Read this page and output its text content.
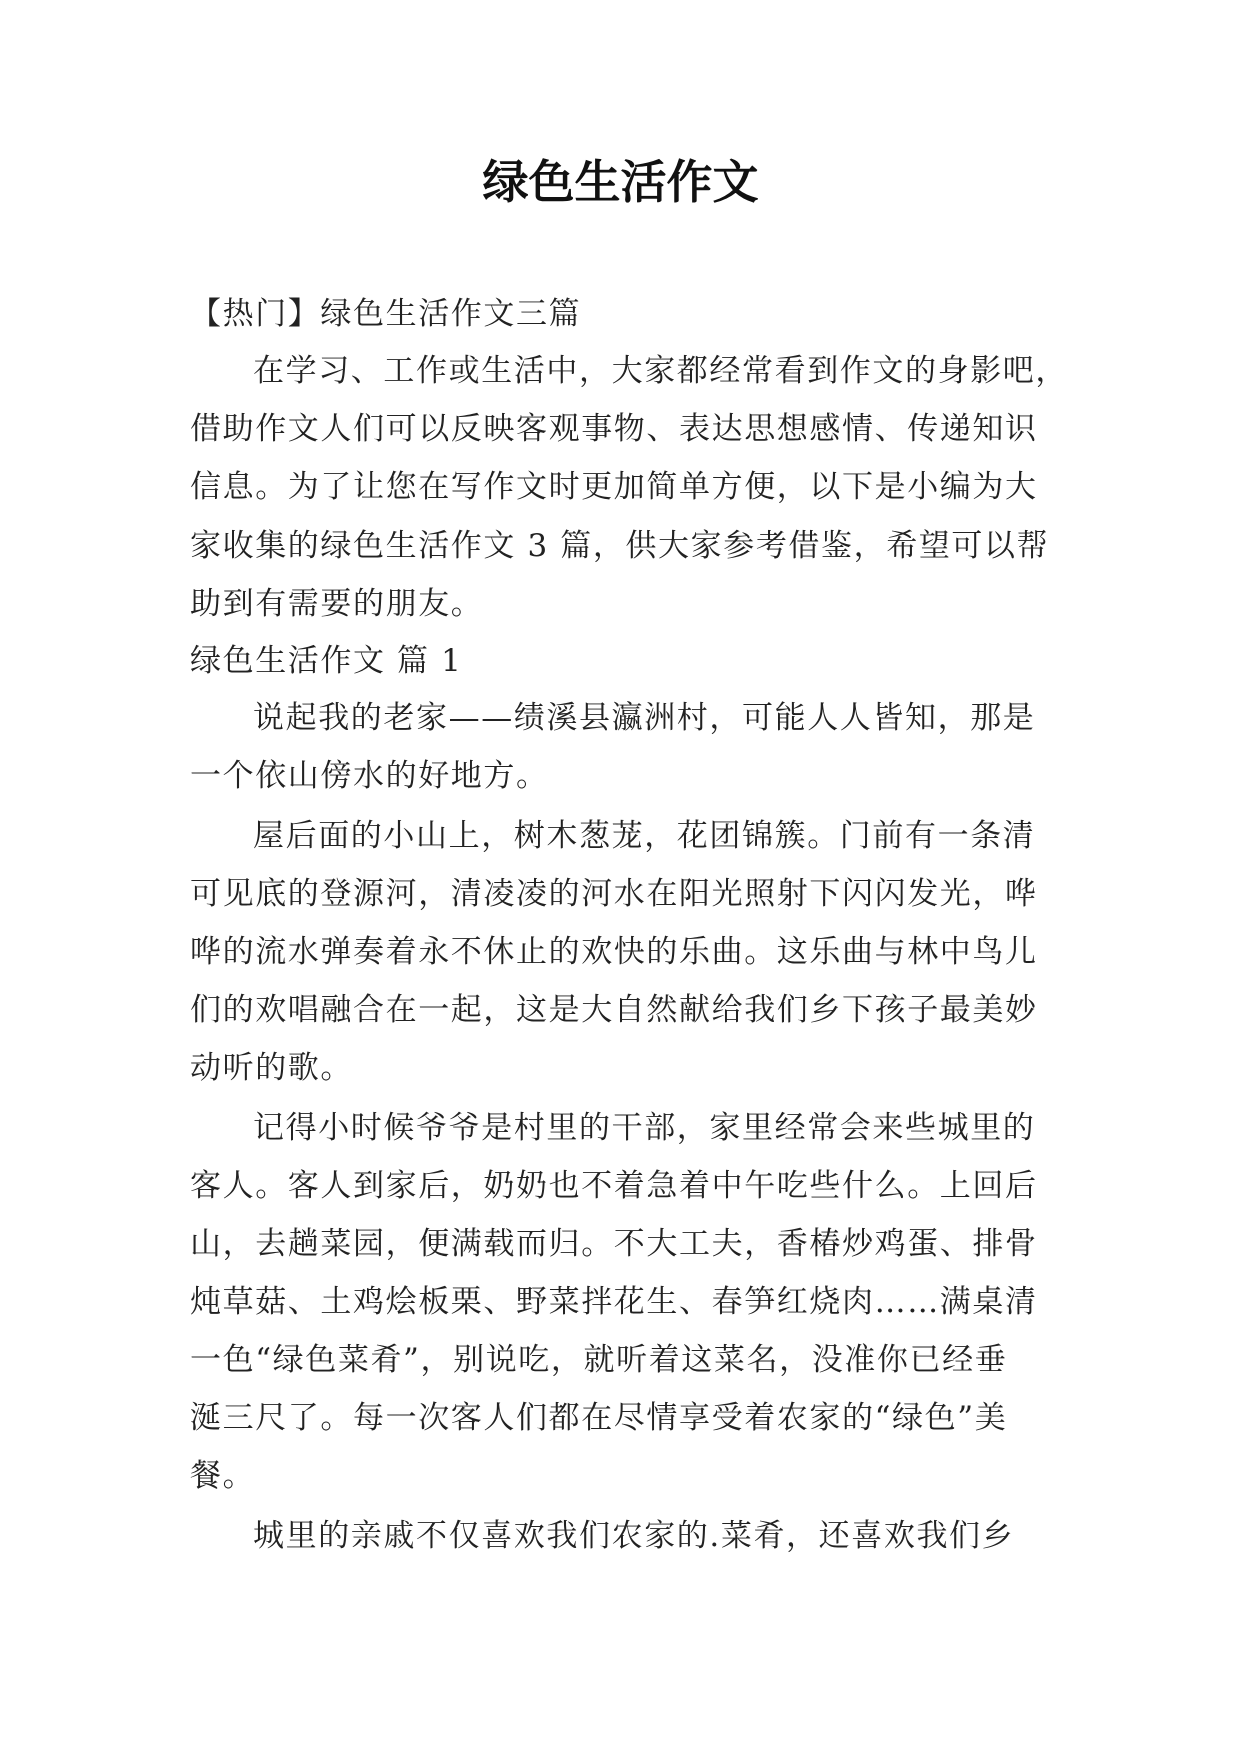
绿色生活作文
【热门】绿色生活作文三篇
在学习、工作或生活中，大家都经常看到作文的身影吧，
借助作文人们可以反映客观事物、表达思想感情、传递知识
信息。为了让您在写作文时更加简单方便，以下是小编为大
家收集的绿色生活作文 3 篇，供大家参考借鉴，希望可以帮
助到有需要的朋友。
绿色生活作文 篇 1
说起我的老家——绩溪县瀛洲村，可能人人皆知，那是
一个依山傍水的好地方。
屋后面的小山上，树木葱茏，花团锦簇。门前有一条清
可见底的登源河，清凌凌的河水在阳光照射下闪闪发光，哗
哗的流水弹奏着永不休止的欢快的乐曲。这乐曲与林中鸟儿
们的欢唱融合在一起，这是大自然献给我们乡下孩子最美妙
动听的歌。
记得小时候爷爷是村里的干部，家里经常会来些城里的
客人。客人到家后，奶奶也不着急着中午吃些什么。上回后
山，去趟菜园，便满载而归。不大工夫，香椿炒鸡蛋、排骨
炖草菇、土鸡烩板栗、野菜拌花生、春笋红烧肉……满桌清
一色“绿色菜肴”，别说吃，就听着这菜名，没准你已经垂
涎三尺了。每一次客人们都在尽情享受着农家的“绿色”美
餐。
城里的亲戚不仅喜欢我们农家的.菜肴，还喜欢我们乡
